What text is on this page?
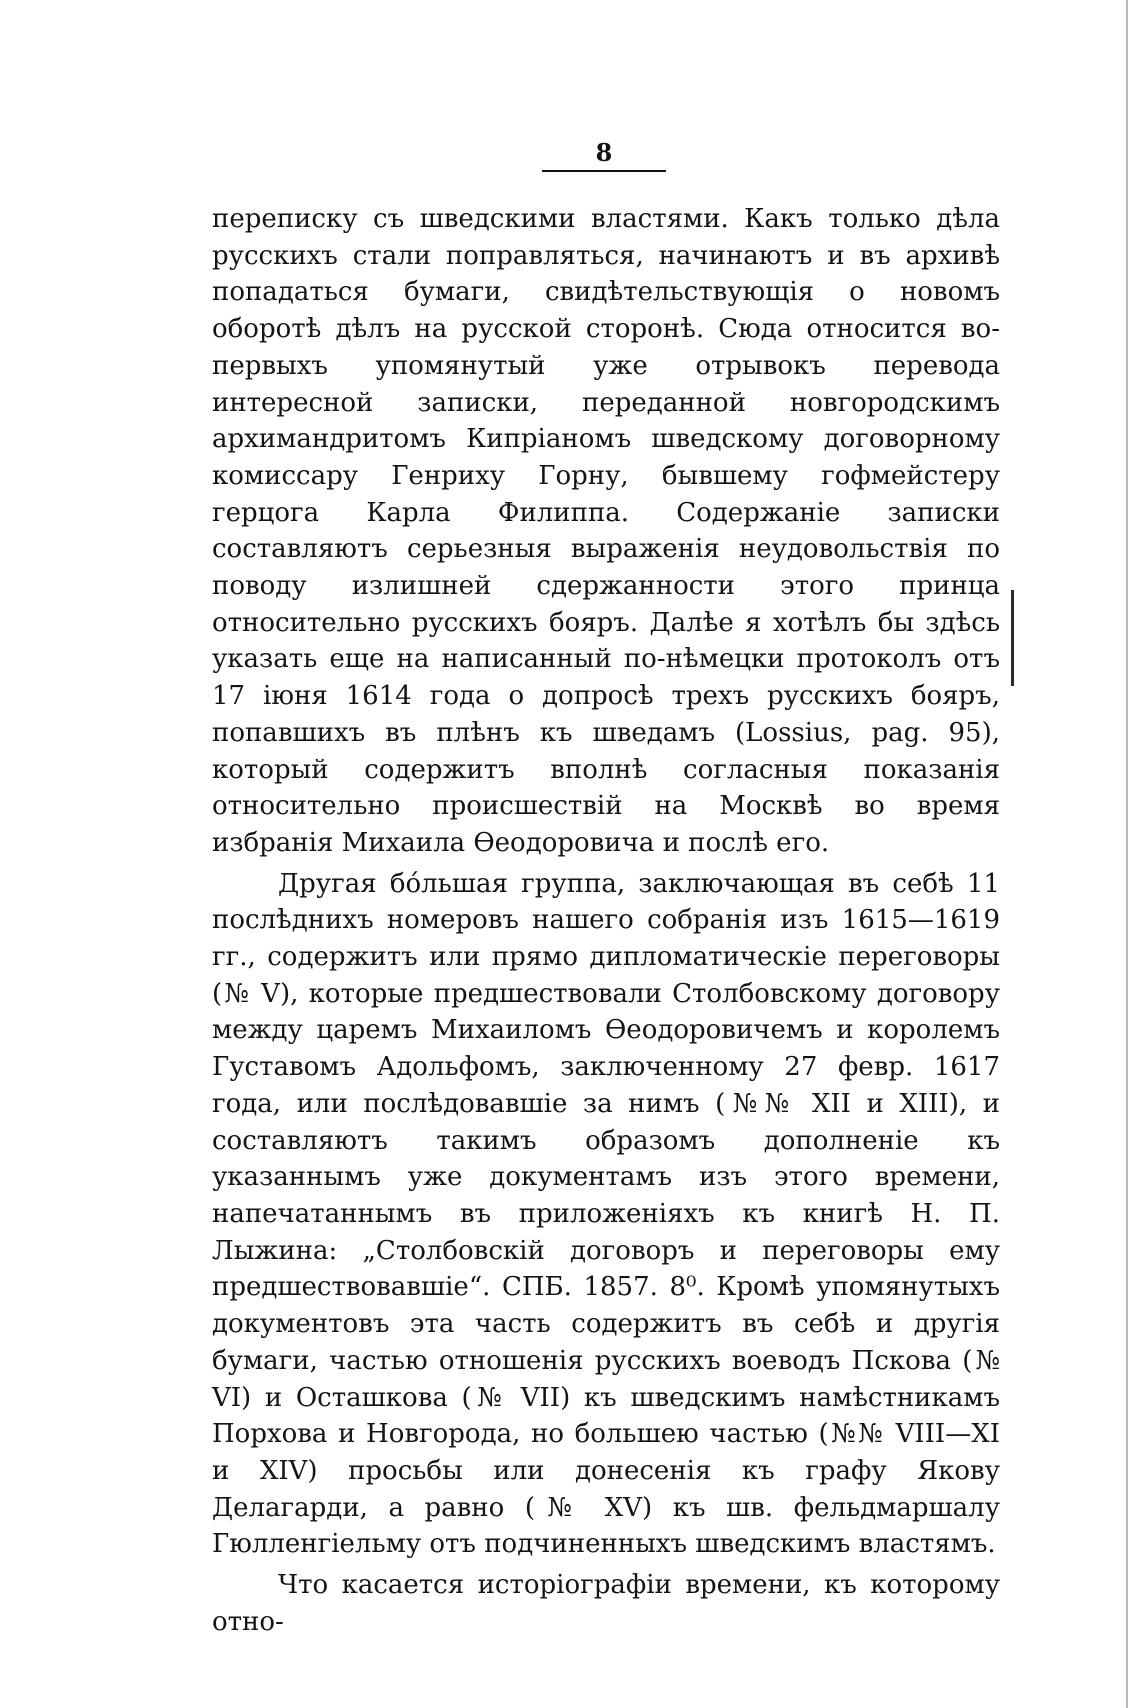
8

переписку съ шведскими властями. Какъ только дѣла русскихъ стали поправляться, начинаютъ и въ архивѣ попадаться бумаги, свидѣтельствующія о новомъ оборотѣ дѣлъ на русской сторонѣ. Сюда относится во-первыхъ упомянутый уже отрывокъ перевода интересной записки, переданной новгородскимъ архимандритомъ Кипріаномъ шведскому договорному комиссару Генриху Горну, бывшему гофмейстеру герцога Карла Филиппа. Содержаніе записки составляютъ серьезныя выраженія неудовольствія по поводу излишней сдержанности этого принца относительно русскихъ бояръ. Далѣе я хотѣлъ бы здѣсь указать еще на написанный по-нѣмецки протоколъ отъ 17 іюня 1614 года о допросѣ трехъ русскихъ бояръ, попавшихъ въ плѣнъ къ шведамъ (Lossius, pag. 95), который содержитъ вполнѣ согласныя показанія относительно происшествій на Москвѣ во время избранія Михаила Ѳеодоровича и послѣ его.

Другая бóльшая группа, заключающая въ себѣ 11 послѣднихъ номеровъ нашего собранія изъ 1615—1619 гг., содержитъ или прямо дипломатическіе переговоры (№ V), которые предшествовали Столбовскому договору между царемъ Михаиломъ Ѳеодоровичемъ и королемъ Густавомъ Адольфомъ, заключенному 27 февр. 1617 года, или послѣдовавшіе за нимъ (№№ XII и XIII), и составляютъ такимъ образомъ дополненіе къ указаннымъ уже документамъ изъ этого времени, напечатаннымъ въ приложеніяхъ къ книгѣ Н. П. Лыжина: „Столбовскій договоръ и переговоры ему предшествовавшіе“. СПБ. 1857. 8⁰. Кромѣ упомянутыхъ документовъ эта часть содержитъ въ себѣ и другія бумаги, частью отношенія русскихъ воеводъ Пскова (№ VI) и Осташкова (№ VII) къ шведскимъ намѣстникамъ Порхова и Новгорода, но большею частью (№№ VIII—XI и XIV) просьбы или донесенія къ графу Якову Делагарди, а равно (№ XV) къ шв. фельдмаршалу Гюлленгіельму отъ подчиненныхъ шведскимъ властямъ.

Что касается исторіографіи времени, къ которому отно-
